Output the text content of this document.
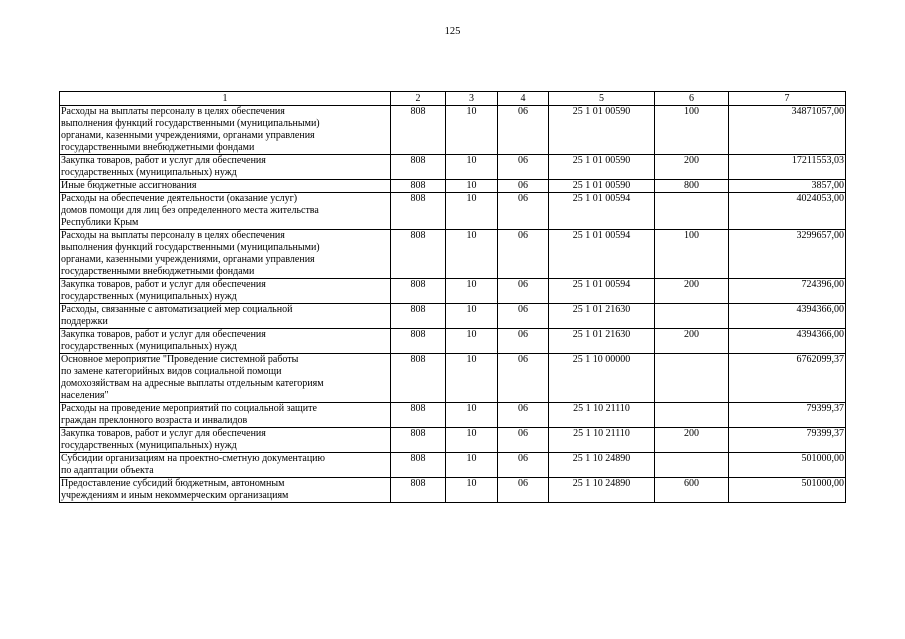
125
1	2	3	4	5	6	7

Расходы на выплаты персоналу в целях обеспечения
выполнения функций государственными (муниципальными)
органами, казенными учреждениями, органами управления
государственными внебюджетными фондами	808	10	06	25 1 01 00590	100	34871057,00

Закупка товаров, работ и услуг для обеспечения
государственных (муниципальных) нужд	808	10	06	25 1 01 00590	200	17211553,03

Иные бюджетные ассигнования	808	10	06	25 1 01 00590	800	3857,00

Расходы на обеспечение деятельности (оказание услуг)
домов помощи для лиц без определенного места жительства
Республики Крым	808	10	06	25 1 01 00594		4024053,00

Расходы на выплаты персоналу в целях обеспечения
выполнения функций государственными (муниципальными)
органами, казенными учреждениями, органами управления
государственными внебюджетными фондами	808	10	06	25 1 01 00594	100	3299657,00

Закупка товаров, работ и услуг для обеспечения
государственных (муниципальных) нужд	808	10	06	25 1 01 00594	200	724396,00

Расходы, связанные с автоматизацией мер социальной
поддержки	808	10	06	25 1 01 21630		4394366,00

Закупка товаров, работ и услуг для обеспечения
государственных (муниципальных) нужд	808	10	06	25 1 01 21630	200	4394366,00

Основное мероприятие "Проведение системной работы
по замене категорийных видов социальной помощи
домохозяйствам на адресные выплаты отдельным категориям
населения"	808	10	06	25 1 10 00000		6762099,37

Расходы на проведение мероприятий по социальной защите
граждан преклонного возраста и инвалидов	808	10	06	25 1 10 21110		79399,37

Закупка товаров, работ и услуг для обеспечения
государственных (муниципальных) нужд	808	10	06	25 1 10 21110	200	79399,37

Субсидии организациям на проектно-сметную документацию
по адаптации объекта	808	10	06	25 1 10 24890		501000,00

Предоставление субсидий бюджетным, автономным
учреждениям и иным некоммерческим организациям	808	10	06	25 1 10 24890	600	501000,00
